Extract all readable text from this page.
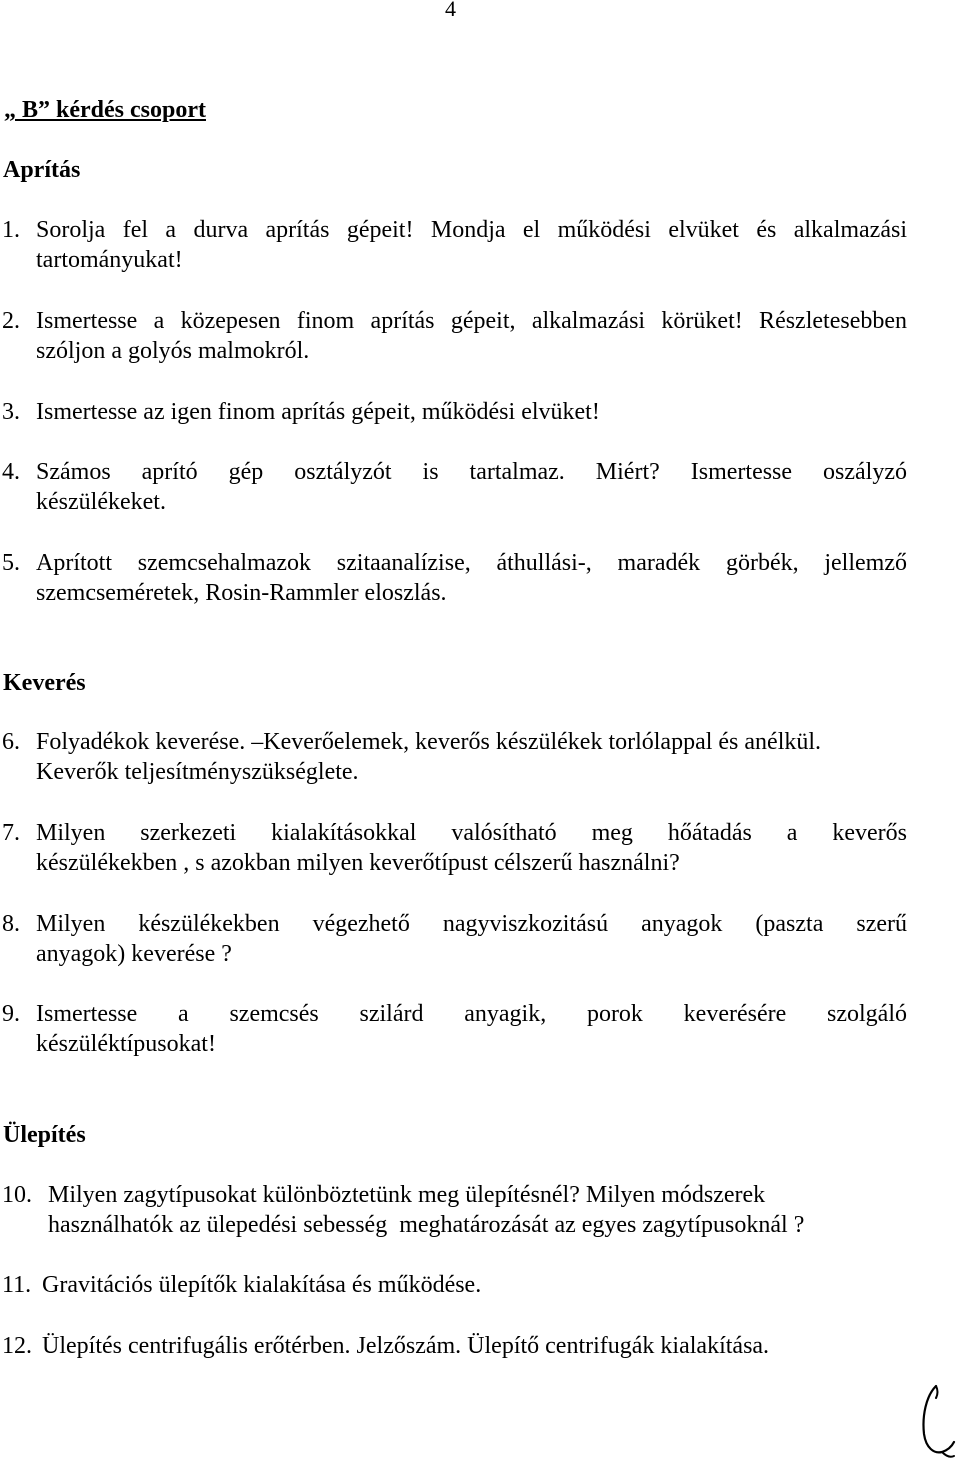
4
„ B” kérdés csoport
Aprítás
1. Sorolja fel a durva aprítás gépeit! Mondja el működési elvüket és alkalmazási
tartományukat!
2. Ismertesse a közepesen finom aprítás gépeit, alkalmazási körüket! Részletesebben
szóljon a golyós malmokról.
3. Ismertesse az igen finom aprítás gépeit, működési elvüket!
4. Számos aprító gép osztályzót is tartalmaz. Miért? Ismertesse oszályzó
készülékeket.
5. Aprított szemcsehalmazok szitaanalízise, áthullási-, maradék görbék, jellemző
szemcseméretek, Rosin-Rammler eloszlás.
Keverés
6. Folyadékok keverése. –Keverőelemek, keverős készülékek torlólappal és anélkül.
Keverők teljesítményszükséglete.
7. Milyen szerkezeti kialakításokkal valósítható meg hőátadás a keverős
készülékekben , s azokban milyen keverőtípust célszerű használni?
8. Milyen készülékekben végezhető nagyviszkozitású anyagok (paszta szerű
anyagok) keverése ?
9. Ismertesse a szemcsés szilárd anyagik, porok keverésére szolgáló
készüléktípusokat!
Ülepítés
10. Milyen zagytípusokat különböztetünk meg ülepítésnél? Milyen módszerek
használhatók az ülepedési sebesség  meghatározását az egyes zagytípusoknál ?
11. Gravitációs ülepítők kialakítása és működése.
12. Ülepítés centrifugális erőtérben. Jelzőszám. Ülepítő centrifugák kialakítása.
